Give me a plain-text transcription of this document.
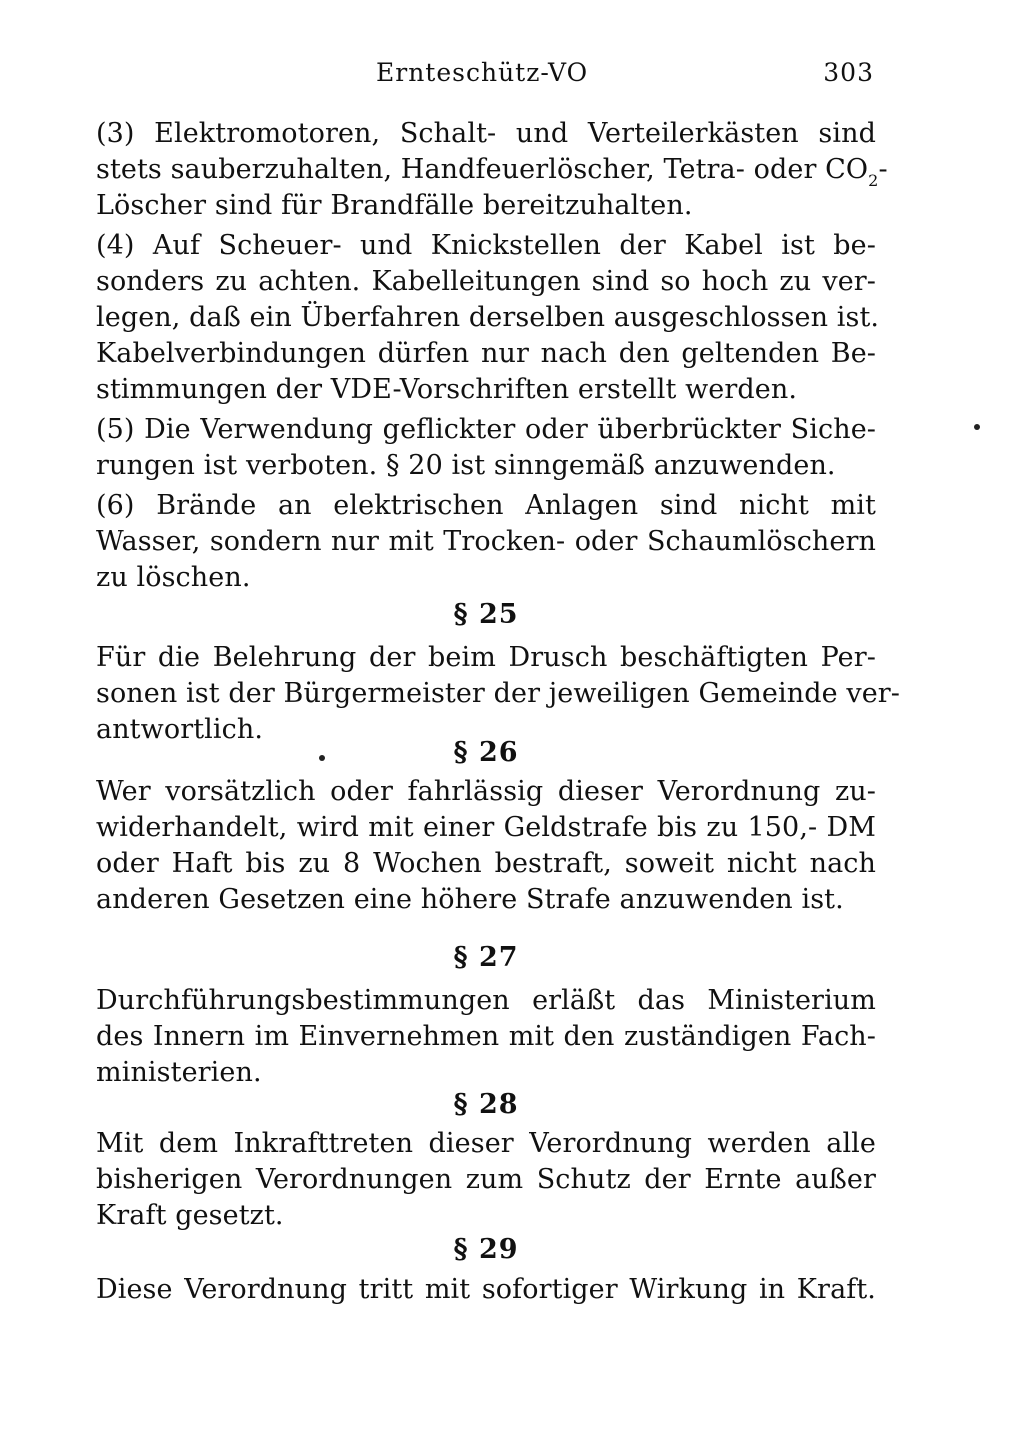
Ernteschütz-VO	303
(3) Elektromotoren, Schalt- und Verteilerkästen sind
stets sauberzuhalten, Handfeuerlöscher, Tetra- oder $CO_2-$
Löscher sind für Brandfälle bereitzuhalten.
(4) Auf Scheuer- und Knickstellen der Kabel ist be-
sonders zu achten. Kabelleitungen sind so hoch zu ver-
legen, daß ein Überfahren derselben ausgeschlossen ist.
Kabelverbindungen dürfen nur nach den geltenden Be-
stimmungen der VDE-Vorschriften erstellt werden.
(5) Die Verwendung geflickter oder überbrückter Siche-
rungen ist verboten. § 20 ist sinngemäß anzuwenden.
(6) Brände an elektrischen Anlagen sind nicht mit
Wasser, sondern nur mit Trocken- oder Schaumlöschern
zu löschen.
§ 25
Für die Belehrung der beim Drusch beschäftigten Per-
sonen ist der Bürgermeister der jeweiligen Gemeinde ver-
antwortlich.
§ 26
Wer vorsätzlich oder fahrlässig dieser Verordnung zu-
widerhandelt, wird mit einer Geldstrafe bis zu 150,- DM
oder Haft bis zu 8 Wochen bestraft, soweit nicht nach
anderen Gesetzen eine höhere Strafe anzuwenden ist.
§ 27
Durchführungsbestimmungen erläßt das Ministerium
des Innern im Einvernehmen mit den zuständigen Fach-
ministerien.
§ 28
Mit dem Inkrafttreten dieser Verordnung werden alle
bisherigen Verordnungen zum Schutz der Ernte außer
Kraft gesetzt.
§ 29
Diese Verordnung tritt mit sofortiger Wirkung in Kraft.
